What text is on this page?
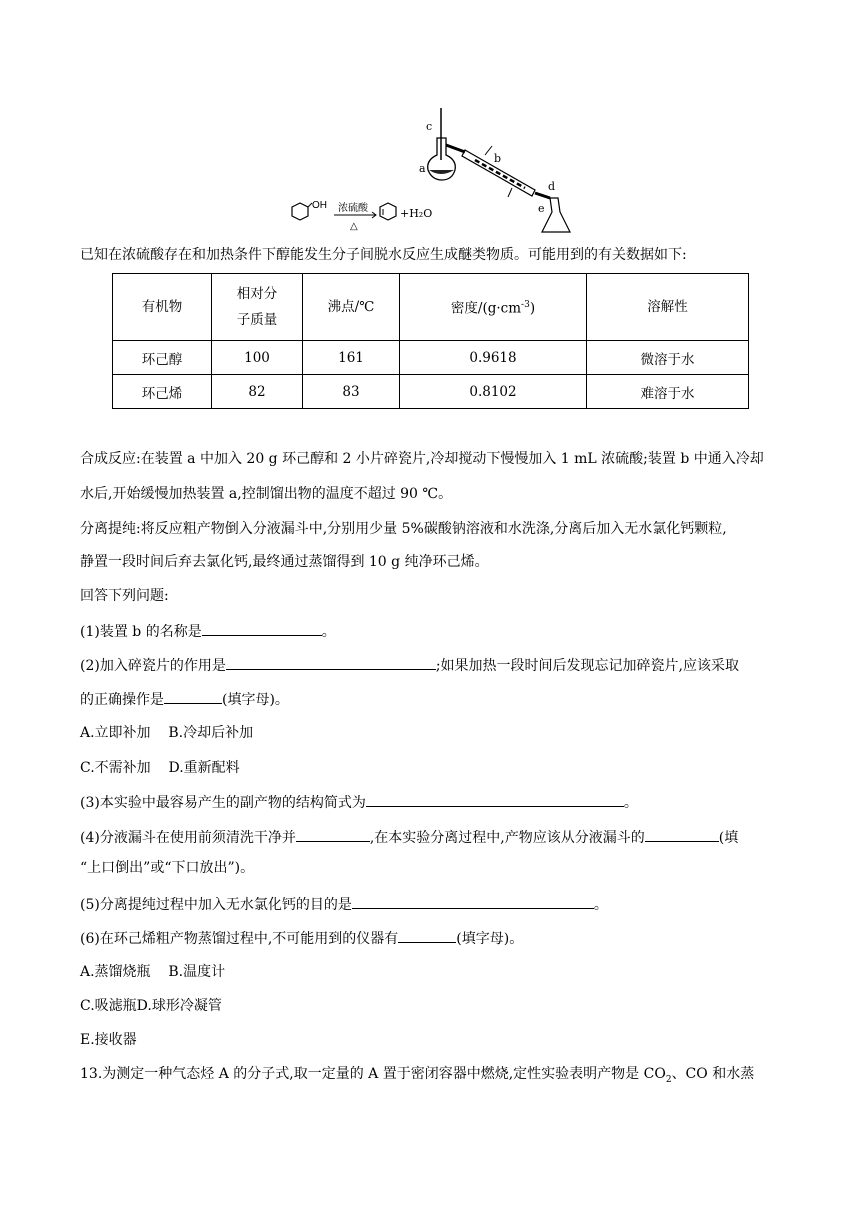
OH 浓硫酸
△
+H₂O
c
a
b
d
e
已知在浓硫酸存在和加热条件下醇能发生分子间脱水反应生成醚类物质。可能用到的有关数据如下:
有机物	相对分
子质量	沸点/℃	密度$/(g\cdot cm^{-3})$	溶解性
环己醇	100	161	0.9618	微溶于水
环己烯	82	83	0.8102	难溶于水
合成反应:在装置 a 中加入 20 g 环己醇和 2 小片碎瓷片,冷却搅动下慢慢加入 1 mL 浓硫酸;装置 b 中通入冷却
水后,开始缓慢加热装置 a,控制馏出物的温度不超过 90 ℃。
分离提纯:将反应粗产物倒入分液漏斗中,分别用少量 5%碳酸钠溶液和水洗涤,分离后加入无水氯化钙颗粒,
静置一段时间后弃去氯化钙,最终通过蒸馏得到 10 g 纯净环己烯。
回答下列问题:
(1)装置 b 的名称是	。
(2)加入碎瓷片的作用是	;如果加热一段时间后发现忘记加碎瓷片,应该采取
的正确操作是	(填字母)。
A.立即补加 B.冷却后补加
C.不需补加 D.重新配料
(3)本实验中最容易产生的副产物的结构简式为	。
(4)分液漏斗在使用前须清洗干净并	,在本实验分离过程中,产物应该从分液漏斗的	(填
“上口倒出”或“下口放出”)。
(5)分离提纯过程中加入无水氯化钙的目的是	。
(6)在环己烯粗产物蒸馏过程中,不可能用到的仪器有	(填字母)。
A.蒸馏烧瓶 B.温度计
C.吸滤瓶D.球形冷凝管
E.接收器
13.为测定一种气态烃 A 的分子式,取一定量的 A 置于密闭容器中燃烧,定性实验表明产物是 $CO_2$、CO 和水蒸
